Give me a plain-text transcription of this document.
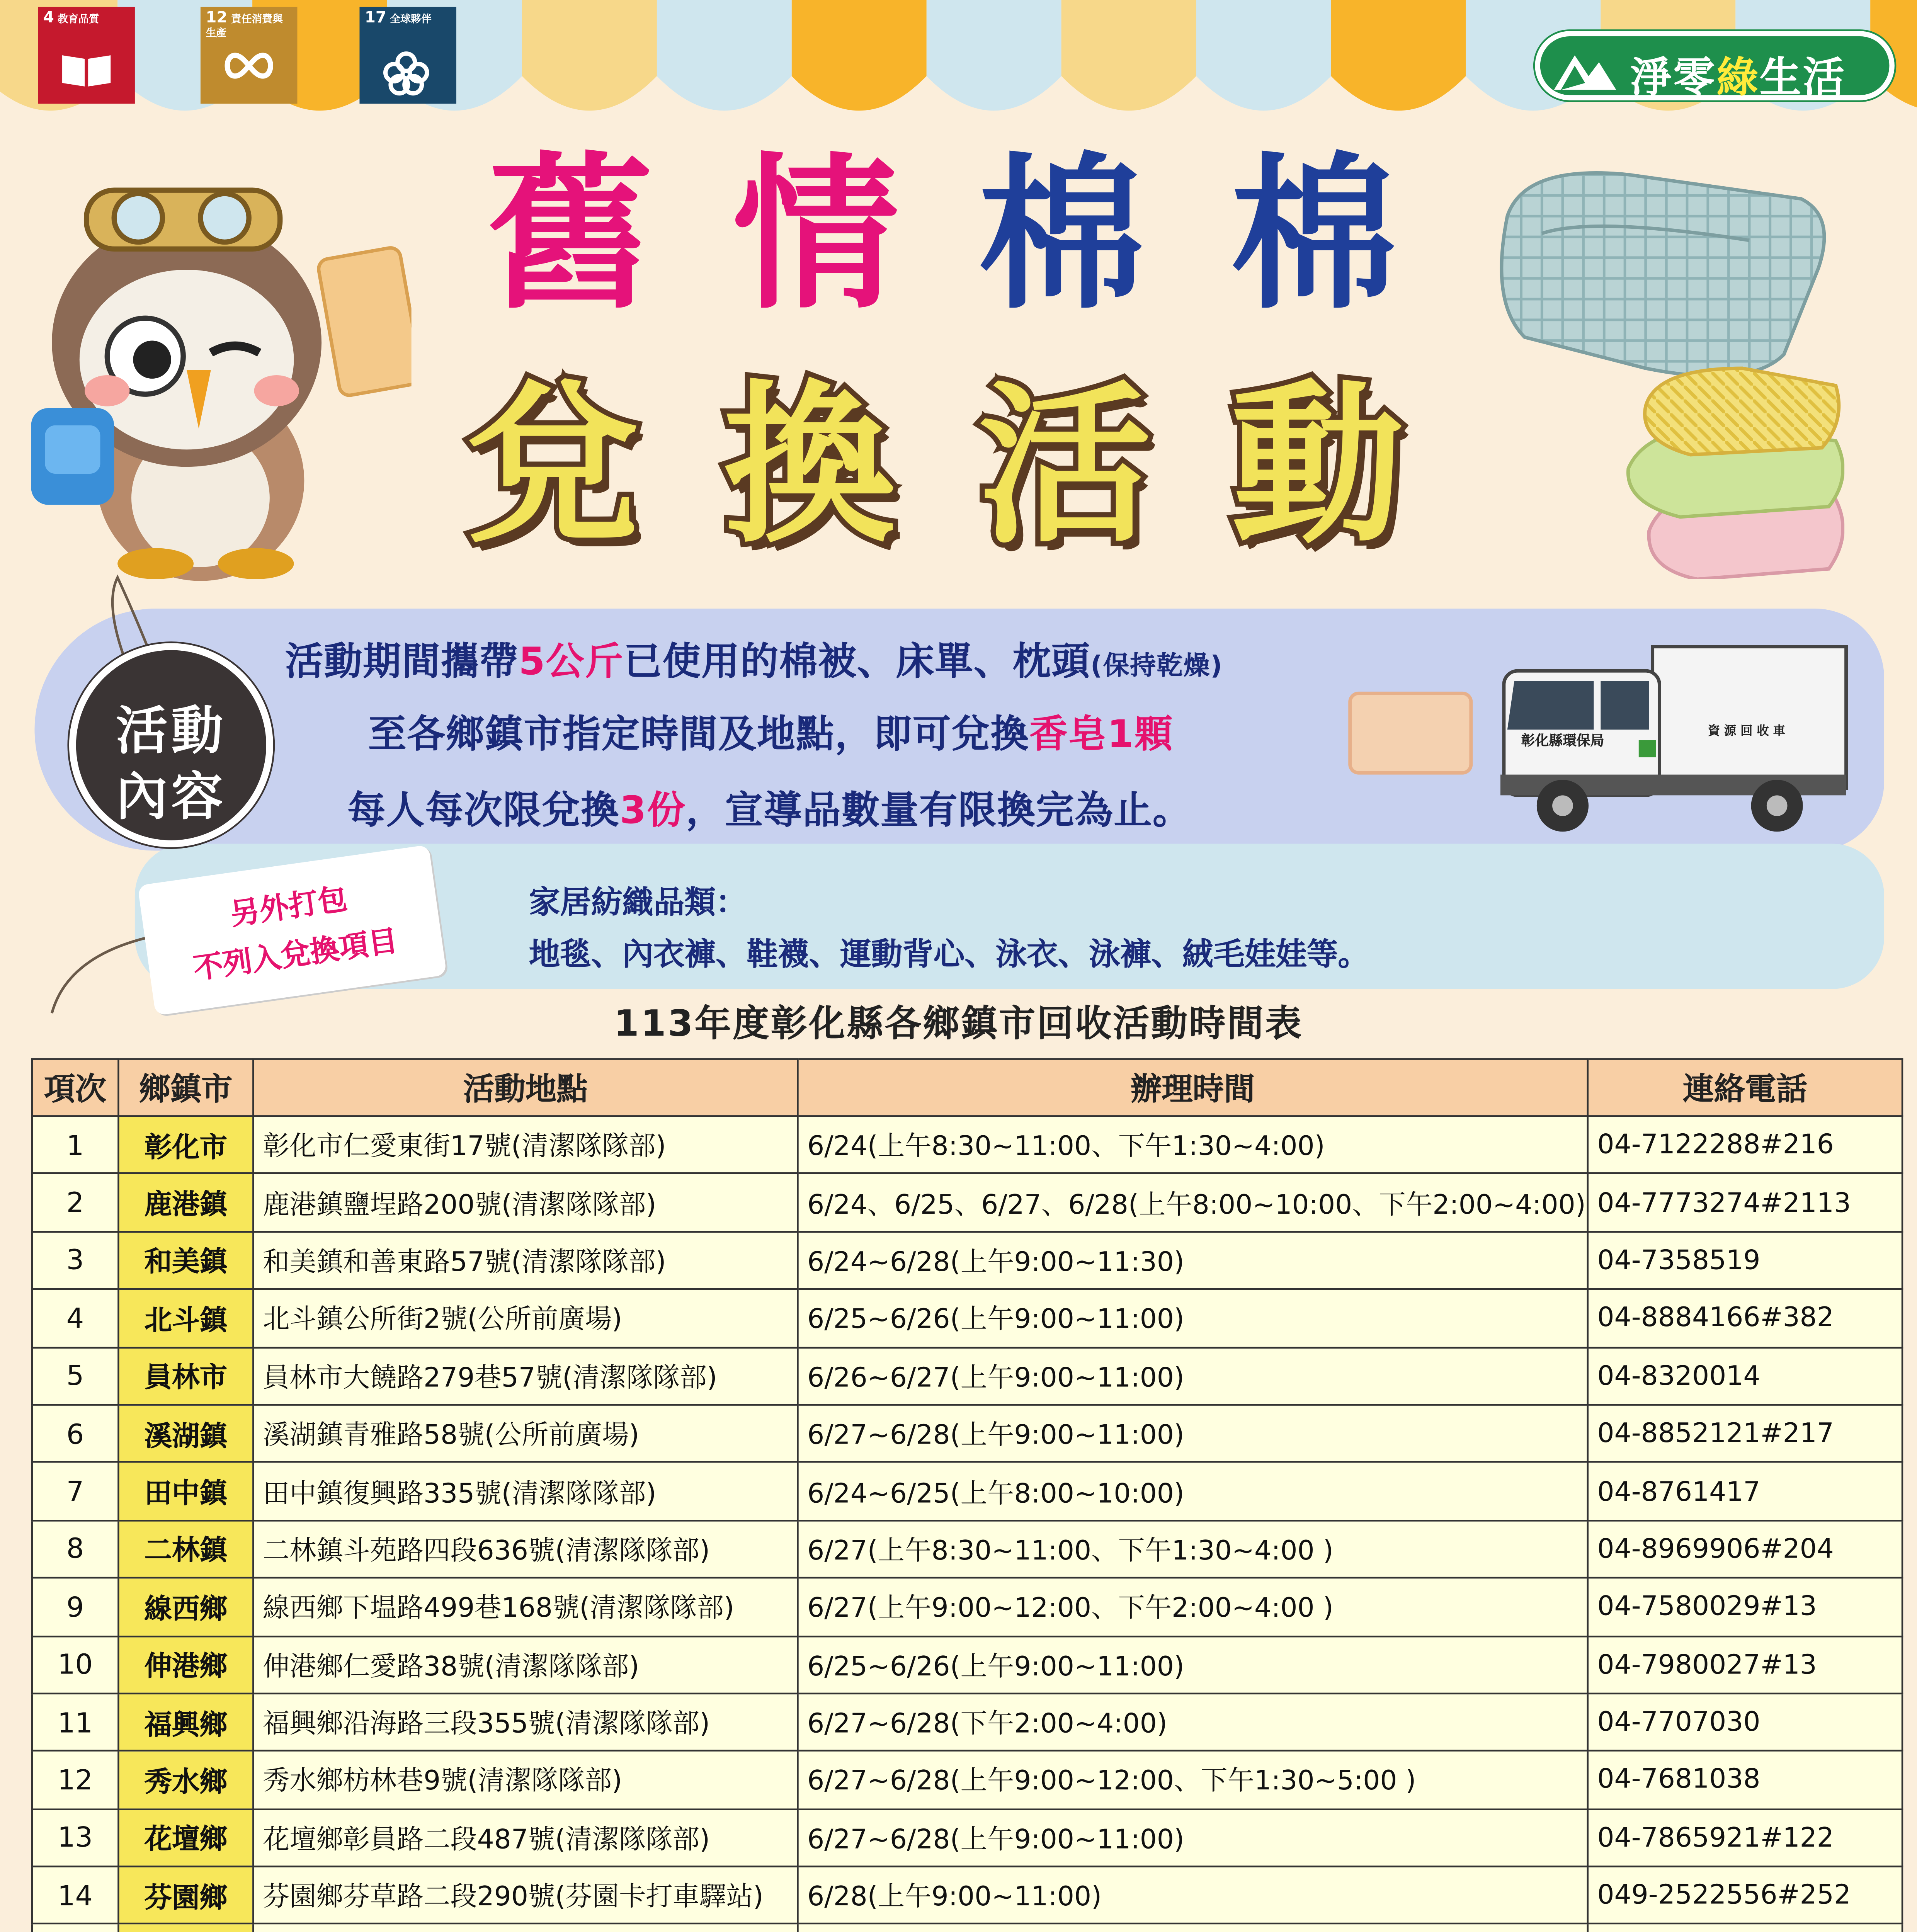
4 教育品質	12 責任消費與生產
17 全球夥伴
淨零綠生活
舊 情 棉 棉
兌 換 活 動
活動
內容
活動期間攜帶5公斤已使用的棉被、床單、枕頭(保持乾燥)
至各鄉鎮市指定時間及地點，即可兌換香皂1顆
每人每次限兌換3份，宣導品數量有限換完為止。
彰化縣環保局
資 源 回 收 車
另外打包
不列入兌換項目
家居紡織品類：
地毯、內衣褲、鞋襪、運動背心、泳衣、泳褲、絨毛娃娃等。
113年度彰化縣各鄉鎮市回收活動時間表
項次	鄉鎮市	活動地點	辦理時間	連絡電話
1	彰化市	彰化市仁愛東街17號(清潔隊隊部)	6/24(上午8:30~11:00、下午1:30~4:00)	04-7122288#216
2	鹿港鎮	鹿港鎮鹽埕路200號(清潔隊隊部)	6/24、6/25、6/27、6/28(上午8:00~10:00、下午2:00~4:00)	04-7773274#2113
3	和美鎮	和美鎮和善東路57號(清潔隊隊部)	6/24~6/28(上午9:00~11:30)	04-7358519
4	北斗鎮	北斗鎮公所街2號(公所前廣場)	6/25~6/26(上午9:00~11:00)	04-8884166#382
5	員林市	員林市大饒路279巷57號(清潔隊隊部)	6/26~6/27(上午9:00~11:00)	04-8320014
6	溪湖鎮	溪湖鎮青雅路58號(公所前廣場)	6/27~6/28(上午9:00~11:00)	04-8852121#217
7	田中鎮	田中鎮復興路335號(清潔隊隊部)	6/24~6/25(上午8:00~10:00)	04-8761417
8	二林鎮	二林鎮斗苑路四段636號(清潔隊隊部)	6/27(上午8:30~11:00、下午1:30~4:00 )	04-8969906#204
9	線西鄉	線西鄉下塭路499巷168號(清潔隊隊部)	6/27(上午9:00~12:00、下午2:00~4:00 )	04-7580029#13
10	伸港鄉	伸港鄉仁愛路38號(清潔隊隊部)	6/25~6/26(上午9:00~11:00)	04-7980027#13
11	福興鄉	福興鄉沿海路三段355號(清潔隊隊部)	6/27~6/28(下午2:00~4:00)	04-7707030
12	秀水鄉	秀水鄉枋林巷9號(清潔隊隊部)	6/27~6/28(上午9:00~12:00、下午1:30~5:00 )	04-7681038
13	花壇鄉	花壇鄉彰員路二段487號(清潔隊隊部)	6/27~6/28(上午9:00~11:00)	04-7865921#122
14	芬園鄉	芬園鄉芬草路二段290號(芬園卡打車驛站)	6/28(上午9:00~11:00)	049-2522556#252
